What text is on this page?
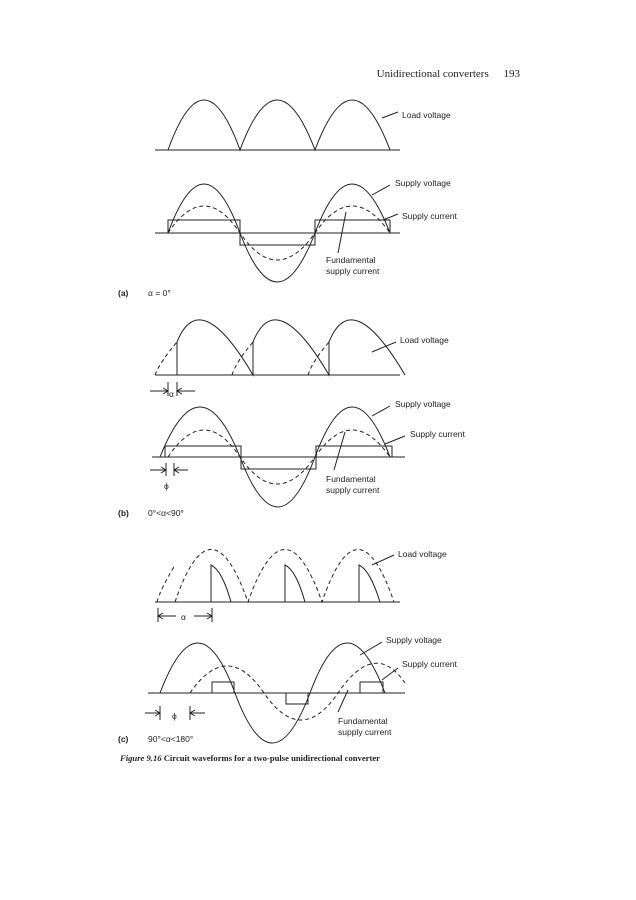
Unidirectional converters 193
Load voltage
Supply voltage
Supply current
Fundamental
supply current
(a) α = 0°
Load voltage
α
Supply voltage
Supply current
Fundamental
supply current
ϕ
(b) 0°<α<90°
Load voltage
α
Supply voltage
Supply current
Fundamental
supply current
ϕ
(c) 90°<α<180°
Figure 9.16 Circuit waveforms for a two-pulse unidirectional converter
